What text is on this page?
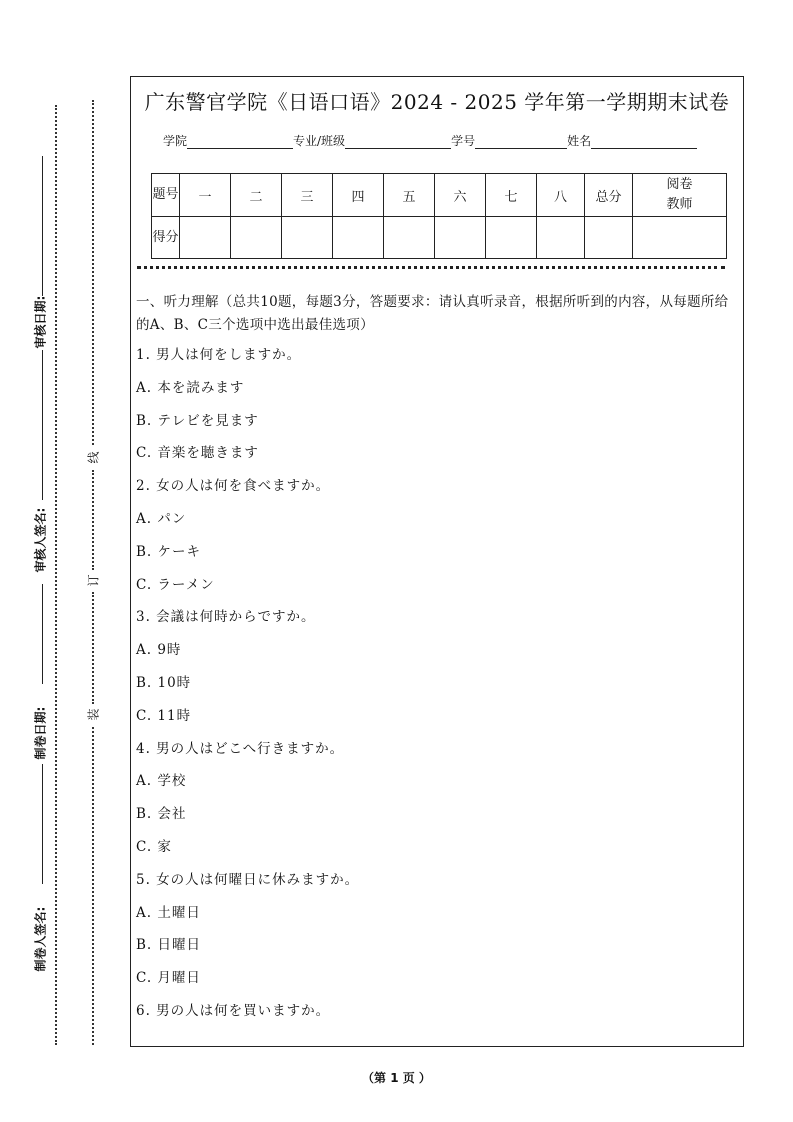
审核日期:
审核人签名:
制卷日期:
制卷人签名:
线
订
装
广东警官学院《日语口语》2024 - 2025 学年第一学期期末试卷
学院	专业/班级	学号	姓名
题号	一	二	三	四	五	六	七	八	总分	阅卷教师
得分										
一、听力理解（总共10题，每题3分，答题要求：请认真听录音，根据所听到的内容，从每题所给的A、B、C三个选项中选出最佳选项）
1. 男人は何をしますか。
A. 本を読みます
B. テレビを見ます
C. 音楽を聴きます
2. 女の人は何を食べますか。
A. パン
B. ケーキ
C. ラーメン
3. 会議は何時からですか。
A. 9時
B. 10時
C. 11時
4. 男の人はどこへ行きますか。
A. 学校
B. 会社
C. 家
5. 女の人は何曜日に休みますか。
A. 土曜日
B. 日曜日
C. 月曜日
6. 男の人は何を買いますか。
（第 1 页 ）
